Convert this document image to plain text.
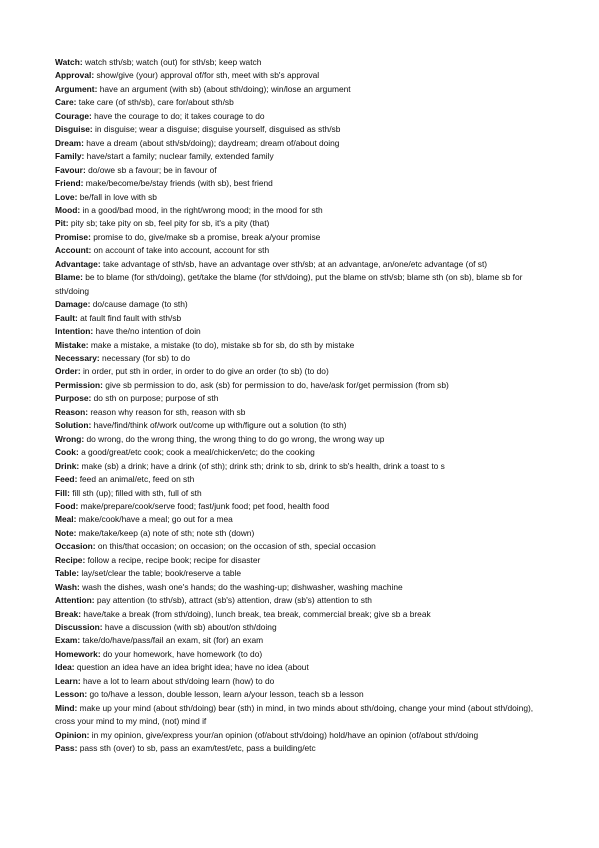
Watch: watch sth/sb; watch (out) for sth/sb; keep watch

Approval: show/give (your) approval of/for sth, meet with sb's approval

Argument: have an argument (with sb) (about sth/doing); win/lose an argument

Care: take care (of sth/sb), care for/about sth/sb

Courage: have the courage to do; it takes courage to do

Disguise: in disguise; wear a disguise; disguise yourself, disguised as sth/sb

Dream: have a dream (about sth/sb/doing); daydream; dream of/about doing

Family: have/start a family; nuclear family, extended family

Favour: do/owe sb a favour; be in favour of

Friend: make/become/be/stay friends (with sb), best friend

Love: be/fall in love with sb

Mood: in a good/bad mood, in the right/wrong mood; in the mood for sth

Pit: pity sb; take pity on sb, feel pity for sb, it's a pity (that)

Promise: promise to do, give/make sb a promise, break a/your promise

Account: on account of take into account, account for sth

Advantage: take advantage of sth/sb, have an advantage over sth/sb; at an advantage, an/one/etc advantage (of st)

Blame: be to blame (for sth/doing), get/take the blame (for sth/doing), put the blame on sth/sb; blame sth (on sb), blame sb for sth/doing

Damage: do/cause damage (to sth)

Fault: at fault find fault with sth/sb

Intention: have the/no intention of doin

Mistake: make a mistake, a mistake (to do), mistake sb for sb, do sth by mistake

Necessary: necessary (for sb) to do

Order: in order, put sth in order, in order to do give an order (to sb) (to do)

Permission: give sb permission to do, ask (sb) for permission to do, have/ask for/get permission (from sb)

Purpose: do sth on purpose; purpose of sth

Reason: reason why reason for sth, reason with sb

Solution: have/find/think of/work out/come up with/figure out a solution (to sth)

Wrong: do wrong, do the wrong thing, the wrong thing to do go wrong, the wrong way up

Cook: a good/great/etc cook; cook a meal/chicken/etc; do the cooking

Drink: make (sb) a drink; have a drink (of sth); drink sth; drink to sb, drink to sb's health, drink a toast to s

Feed: feed an animal/etc, feed on sth

Fill: fill sth (up); filled with sth, full of sth

Food: make/prepare/cook/serve food; fast/junk food; pet food, health food

Meal: make/cook/have a meal; go out for a mea

Note: make/take/keep (a) note of sth; note sth (down)

Occasion: on this/that occasion; on occasion; on the occasion of sth, special occasion

Recipe: follow a recipe, recipe book; recipe for disaster

Table: lay/set/clear the table; book/reserve a table

Wash: wash the dishes, wash one's hands; do the washing-up; dishwasher, washing machine

Attention: pay attention (to sth/sb), attract (sb's) attention, draw (sb's) attention to sth

Break: have/take a break (from sth/doing), lunch break, tea break, commercial break; give sb a break

Discussion: have a discussion (with sb) about/on sth/doing

Exam: take/do/have/pass/fail an exam, sit (for) an exam

Homework: do your homework, have homework (to do)

Idea: question an idea have an idea bright idea; have no idea (about

Learn: have a lot to learn about sth/doing learn (how) to do

Lesson: go to/have a lesson, double lesson, learn a/your lesson, teach sb a lesson

Mind: make up your mind (about sth/doing) bear (sth) in mind, in two minds about sth/doing, change your mind (about sth/doing), cross your mind to my mind, (not) mind if

Opinion: in my opinion, give/express your/an opinion (of/about sth/doing) hold/have an opinion (of/about sth/doing

Pass: pass sth (over) to sb, pass an exam/test/etc, pass a building/etc
